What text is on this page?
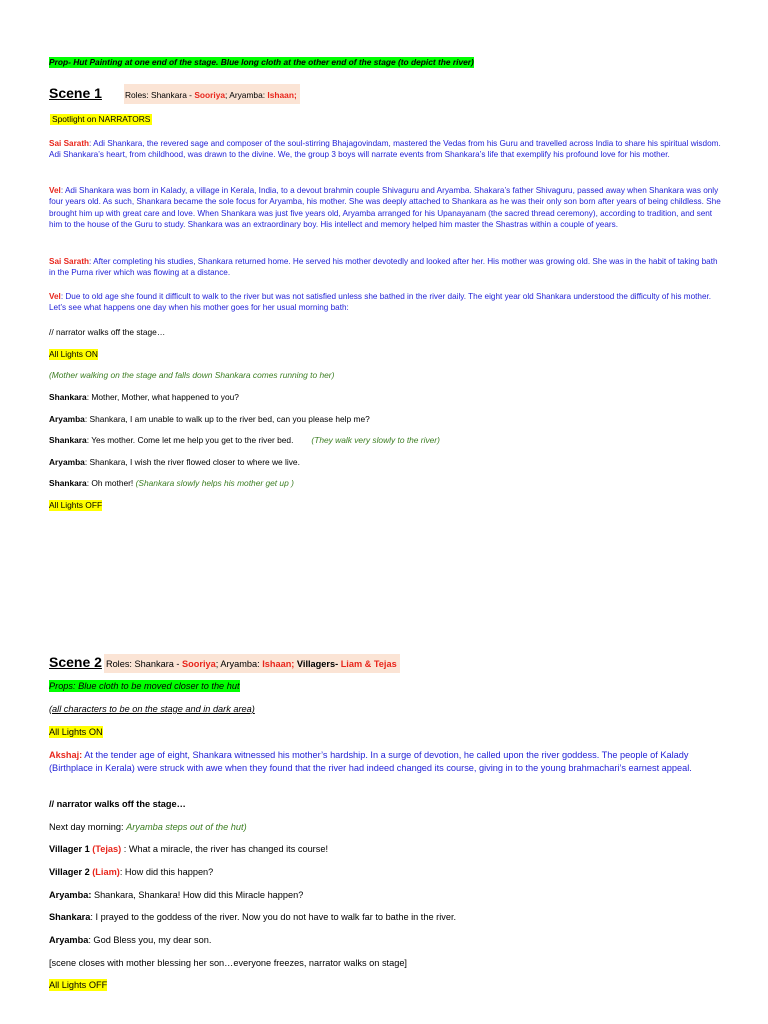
Prop- Hut Painting at one end of the stage. Blue long cloth at the other end of the stage (to depict the river)
Scene 1	Roles: Shankara - Sooriya; Aryamba: Ishaan;
Spotlight on NARRATORS
Sai Sarath: Adi Shankara, the revered sage and composer of the soul-stirring Bhajagovindam, mastered the Vedas from his Guru and travelled across India to share his spiritual wisdom. Adi Shankara’s heart, from childhood, was drawn to the divine. We, the group 3 boys will narrate events from Shankara’s life that exemplify his profound love for his mother.
Vel: Adi Shankara was born in Kalady, a village in Kerala, India, to a devout brahmin couple Shivaguru and Aryamba. Shakara’s father Shivaguru, passed away when Shankara was only four years old. As such, Shankara became the sole focus for Aryamba, his mother. She was deeply attached to Shankara as he was their only son born after years of being childless. She brought him up with great care and love. When Shankara was just five years old, Aryamba arranged for his Upanayanam (the sacred thread ceremony), according to tradition, and sent him to the house of the Guru to study. Shankara was an extraordinary boy. His intellect and memory helped him master the Shastras within a couple of years.
Sai Sarath: After completing his studies, Shankara returned home. He served his mother devotedly and looked after her. His mother was growing old. She was in the habit of taking bath in the Purna river which was flowing at a distance.
Vel: Due to old age she found it difficult to walk to the river but was not satisfied unless she bathed in the river daily. The eight year old Shankara understood the difficulty of his mother. Let’s see what happens one day when his mother goes for her usual morning bath:
// narrator walks off the stage…
All Lights ON
(Mother walking on the stage and falls down Shankara comes running to her)
Shankara: Mother, Mother, what happened to you?
Aryamba: Shankara, I am unable to walk up to the river bed, can you please help me?
Shankara: Yes mother. Come let me help you get to the river bed. (They walk very slowly to the river)
Aryamba: Shankara, I wish the river flowed closer to where we live.
Shankara: Oh mother! (Shankara slowly helps his mother get up )
All Lights OFF
Scene 2 Roles: Shankara - Sooriya; Aryamba: Ishaan; Villagers- Liam & Tejas
Props: Blue cloth to be moved closer to the hut
(all characters to be on the stage and in dark area)
All Lights ON
Akshaj: At the tender age of eight, Shankara witnessed his mother’s hardship. In a surge of devotion, he called upon the river goddess. The people of Kalady (Birthplace in Kerala) were struck with awe when they found that the river had indeed changed its course, giving in to the young brahmachari’s earnest appeal.
// narrator walks off the stage…
Next day morning: Aryamba steps out of the hut)
Villager 1 (Tejas) : What a miracle, the river has changed its course!
Villager 2 (Liam): How did this happen?
Aryamba: Shankara, Shankara! How did this Miracle happen?
Shankara: I prayed to the goddess of the river. Now you do not have to walk far to bathe in the river.
Aryamba: God Bless you, my dear son.
[scene closes with mother blessing her son…everyone freezes, narrator walks on stage]
All Lights OFF
